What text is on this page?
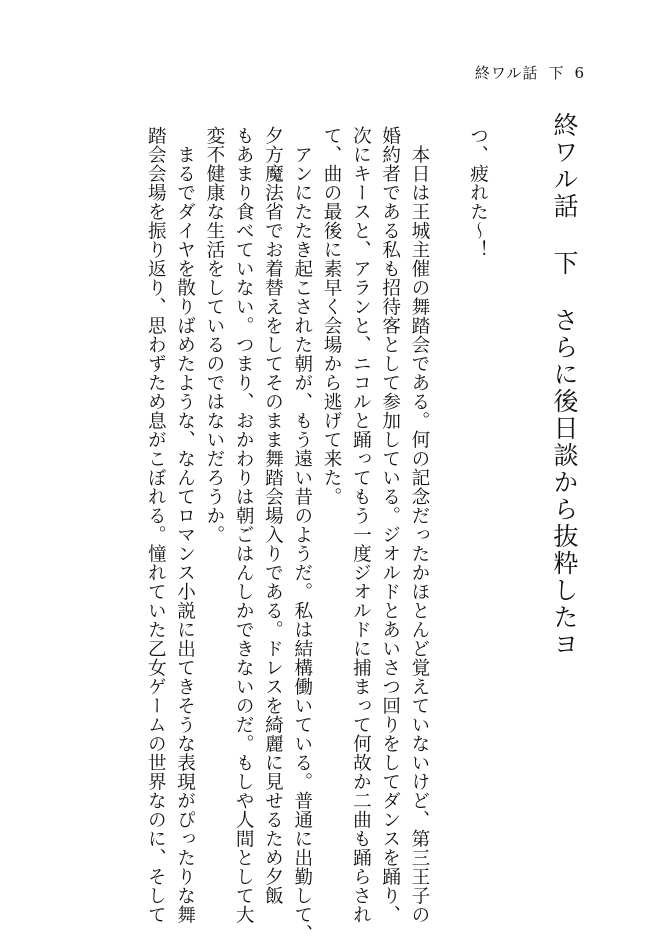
終ワル話 下 6
終ワル話下さらに後日談から抜粋したヨ
つ、疲れた〜！
　本日は王城主催の舞踏会である。何の記念だったかほとんど覚えていないけど、第三王子の
婚約者である私も招待客として参加している。ジオルドとあいさつ回りをしてダンスを踊り、
次にキースと、アランと、ニコルと踊ってもう一度ジオルドに捕まって何故か二曲も踊らされ
て、曲の最後に素早く会場から逃げて来た。
　アンにたたき起こされた朝が、もう遠い昔のようだ。私は結構働いている。普通に出勤して、
夕方魔法省でお着替えをしてそのまま舞踏会場入りである。ドレスを綺麗に見せるため夕飯
もあまり食べていない。つまり、おかわりは朝ごはんしかできないのだ。もしや人間として大
変不健康な生活をしているのではないだろうか。
　まるでダイヤを散りばめたような、なんてロマンス小説に出てきそうな表現がぴったりな舞
踏会会場を振り返り、思わずため息がこぼれる。憧れていた乙女ゲームの世界なのに、そして
